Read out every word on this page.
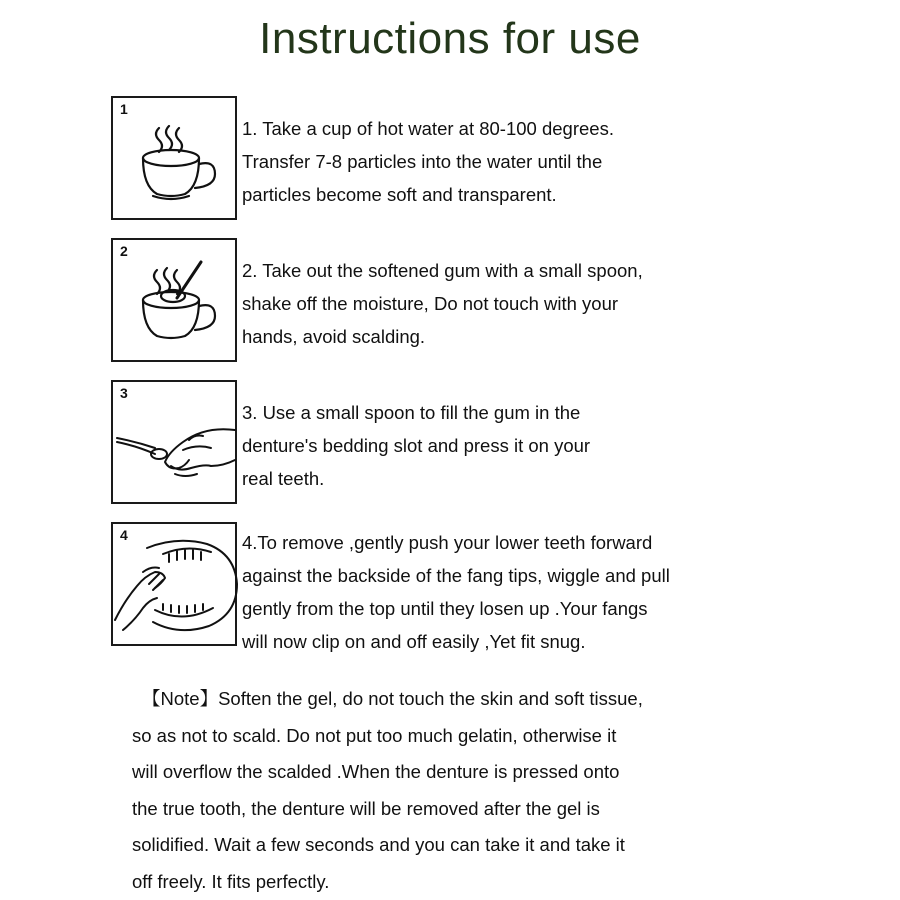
Instructions for use
1
1. Take a cup of hot water at 80-100 degrees.
Transfer 7-8 particles into the water until the
particles become soft and transparent.
2
2. Take out the softened gum with a small spoon,
shake off the moisture, Do not touch with your
hands, avoid scalding.
3
3. Use a small spoon to fill the gum in the
denture's bedding slot and press it on your
real teeth.
4	4.To remove ,gently push your lower teeth forward
against the backside of the fang tips, wiggle and pull
gently from the top until they losen up .Your fangs
will now clip on and off easily ,Yet fit snug.
【Note】Soften the gel, do not touch the skin and soft tissue,
so as not to scald. Do not put too much gelatin, otherwise it
will overflow the scalded .When the denture is pressed onto
the true tooth, the denture will be removed after the gel is
solidified. Wait a few seconds and you can take it and take it
off freely. It fits perfectly.
